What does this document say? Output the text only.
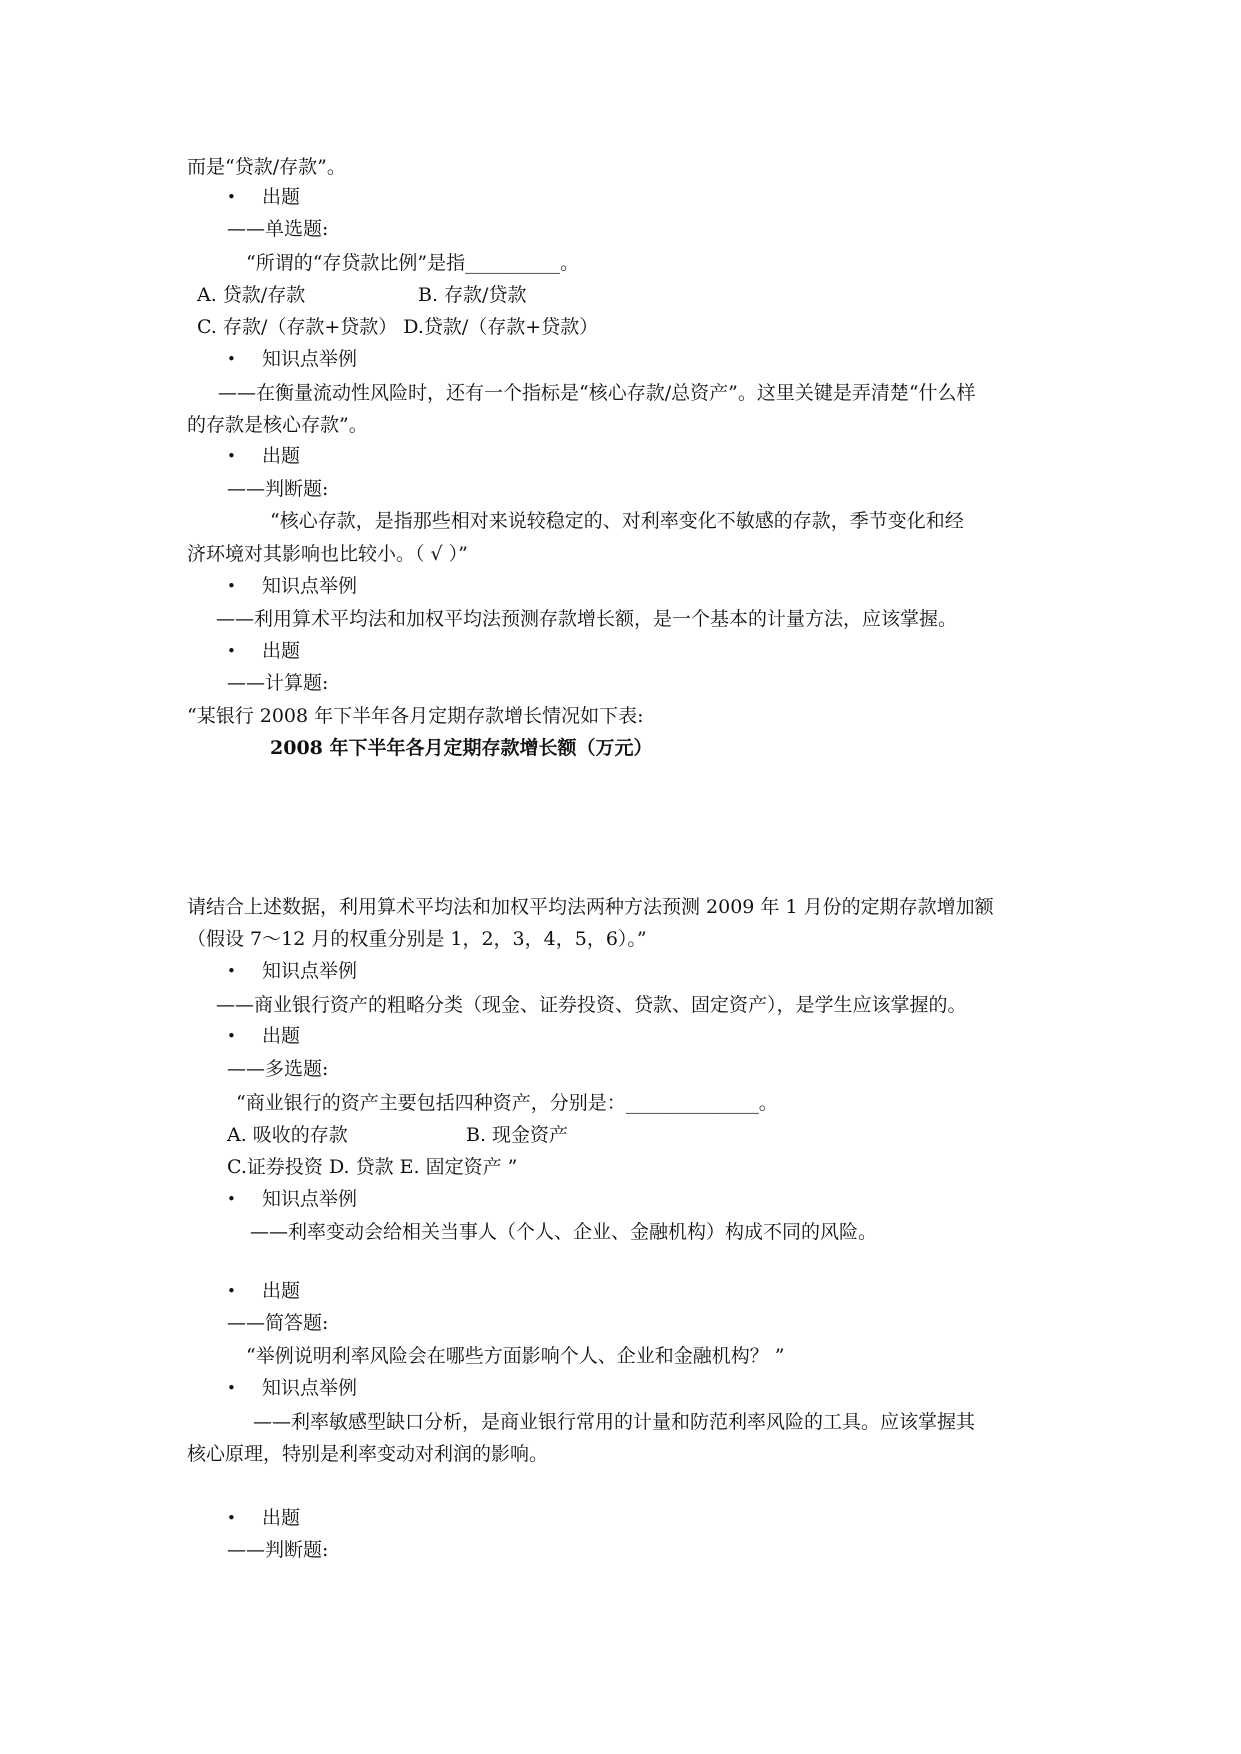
而是“贷款/存款”。
• 出题
——单选题:
“所谓的“存贷款比例”是指__________。
A. 贷款/存款	B. 存款/贷款
C. 存款/（存款+贷款） D.贷款/（存款+贷款）
• 知识点举例
——在衡量流动性风险时，还有一个指标是“核心存款/总资产”。这里关键是弄清楚“什么样
的存款是核心存款”。
• 出题
——判断题:
“核心存款，是指那些相对来说较稳定的、对利率变化不敏感的存款，季节变化和经
济环境对其影响也比较小。（ √ ）”
• 知识点举例
——利用算术平均法和加权平均法预测存款增长额，是一个基本的计量方法，应该掌握。
• 出题
——计算题:
“某银行 2008 年下半年各月定期存款增长情况如下表:
2008 年下半年各月定期存款增长额（万元）
请结合上述数据，利用算术平均法和加权平均法两种方法预测 2009 年 1 月份的定期存款增加额
（假设 7～12 月的权重分别是 1，2，3，4，5，6）。”
• 知识点举例
——商业银行资产的粗略分类（现金、证券投资、贷款、固定资产），是学生应该掌握的。
• 出题
——多选题:
“商业银行的资产主要包括四种资产，分别是：______________。
A. 吸收的存款	B. 现金资产
C.证券投资 D. 贷款 E. 固定资产 ”
• 知识点举例
——利率变动会给相关当事人（个人、企业、金融机构）构成不同的风险。
• 出题
——简答题:
“举例说明利率风险会在哪些方面影响个人、企业和金融机构？ ”
• 知识点举例
——利率敏感型缺口分析，是商业银行常用的计量和防范利率风险的工具。应该掌握其
核心原理，特别是利率变动对利润的影响。
• 出题
——判断题:
